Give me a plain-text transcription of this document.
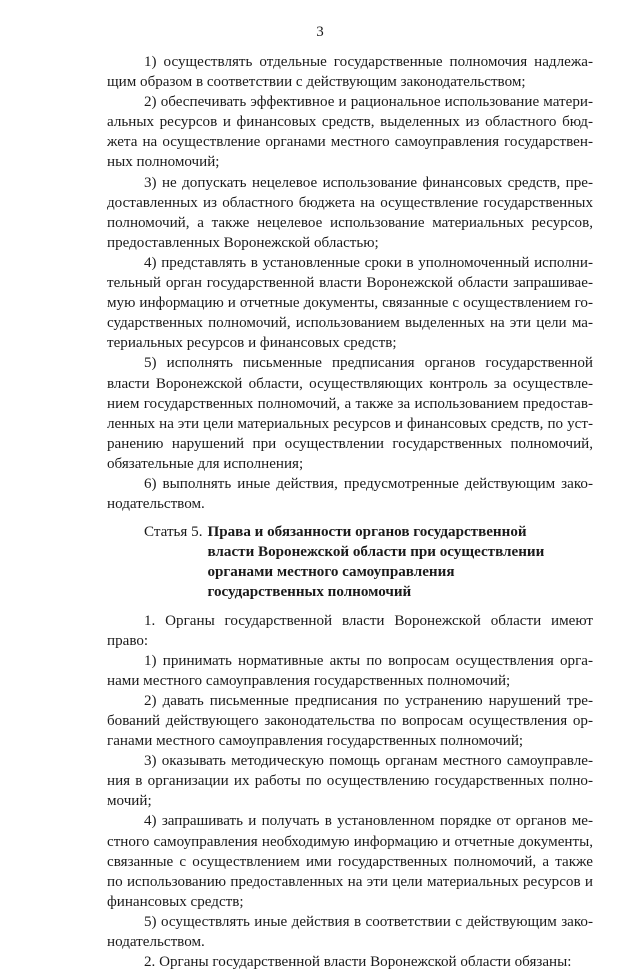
3

1) осуществлять отдельные государственные полномочия надлежащим образом в соответствии с действующим законодательством;

2) обеспечивать эффективное и рациональное использование материальных ресурсов и финансовых средств, выделенных из областного бюджета на осуществление органами местного самоуправления государственных полномочий;

3) не допускать нецелевое использование финансовых средств, предоставленных из областного бюджета на осуществление государственных полномочий, а также нецелевое использование материальных ресурсов, предоставленных Воронежской областью;

4) представлять в установленные сроки в уполномоченный исполнительный орган государственной власти Воронежской области запрашиваемую информацию и отчетные документы, связанные с осуществлением государственных полномочий, использованием выделенных на эти цели материальных ресурсов и финансовых средств;

5) исполнять письменные предписания органов государственной власти Воронежской области, осуществляющих контроль за осуществлением государственных полномочий, а также за использованием предоставленных на эти цели материальных ресурсов и финансовых средств, по устранению нарушений при осуществлении государственных полномочий, обязательные для исполнения;

6) выполнять иные действия, предусмотренные действующим законодательством.

Статья 5. Права и обязанности органов государственной власти Воронежской области при осуществлении органами местного самоуправления государственных полномочий

1. Органы государственной власти Воронежской области имеют право:

1) принимать нормативные акты по вопросам осуществления органами местного самоуправления государственных полномочий;

2) давать письменные предписания по устранению нарушений требований действующего законодательства по вопросам осуществления органами местного самоуправления государственных полномочий;

3) оказывать методическую помощь органам местного самоуправления в организации их работы по осуществлению государственных полномочий;

4) запрашивать и получать в установленном порядке от органов местного самоуправления необходимую информацию и отчетные документы, связанные с осуществлением ими государственных полномочий, а также по использованию предоставленных на эти цели материальных ресурсов и финансовых средств;

5) осуществлять иные действия в соответствии с действующим законодательством.

2. Органы государственной власти Воронежской области обязаны:
